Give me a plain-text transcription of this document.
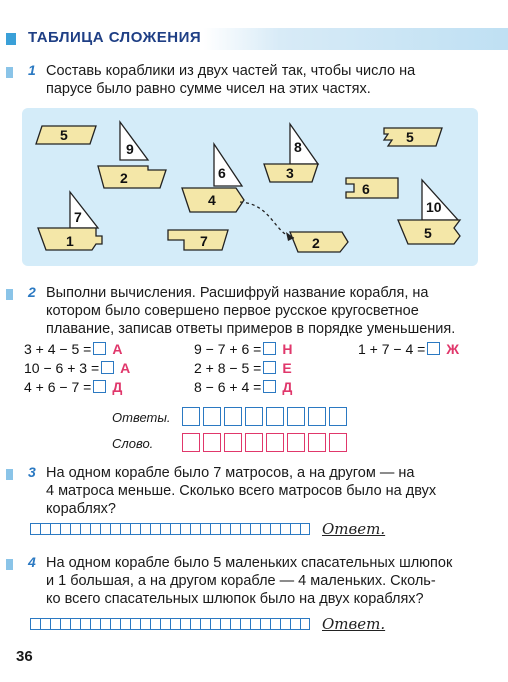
ТАБЛИЦА СЛОЖЕНИЯ
1 Составь кораблики из двух частей так, чтобы число на
парусе было равно сумме чисел на этих частях.
5
9
2
7
1
6
4
7
8
3
5
6
10
5
2
2 Выполни вычисления. Расшифруй название корабля, на
котором было совершено первое русское кругосветное
плавание, записав ответы примеров в порядке уменьшения.
3 + 4 − 5 = А	9 − 7 + 6 = Н	1 + 7 − 4 = Ж
10 − 6 + 3 = А	2 + 8 − 5 = Е
4 + 6 − 7 = Д	8 − 6 + 4 = Д
Ответы.
Слово.
3 На одном корабле было 7 матросов, а на другом — на
4 матроса меньше. Сколько всего матросов было на двух
кораблях?
Ответ.
4 На одном корабле было 5 маленьких спасательных шлюпок
и 1 большая, а на другом корабле — 4 маленьких. Сколь-
ко всего спасательных шлюпок было на двух кораблях?
Ответ.
36
